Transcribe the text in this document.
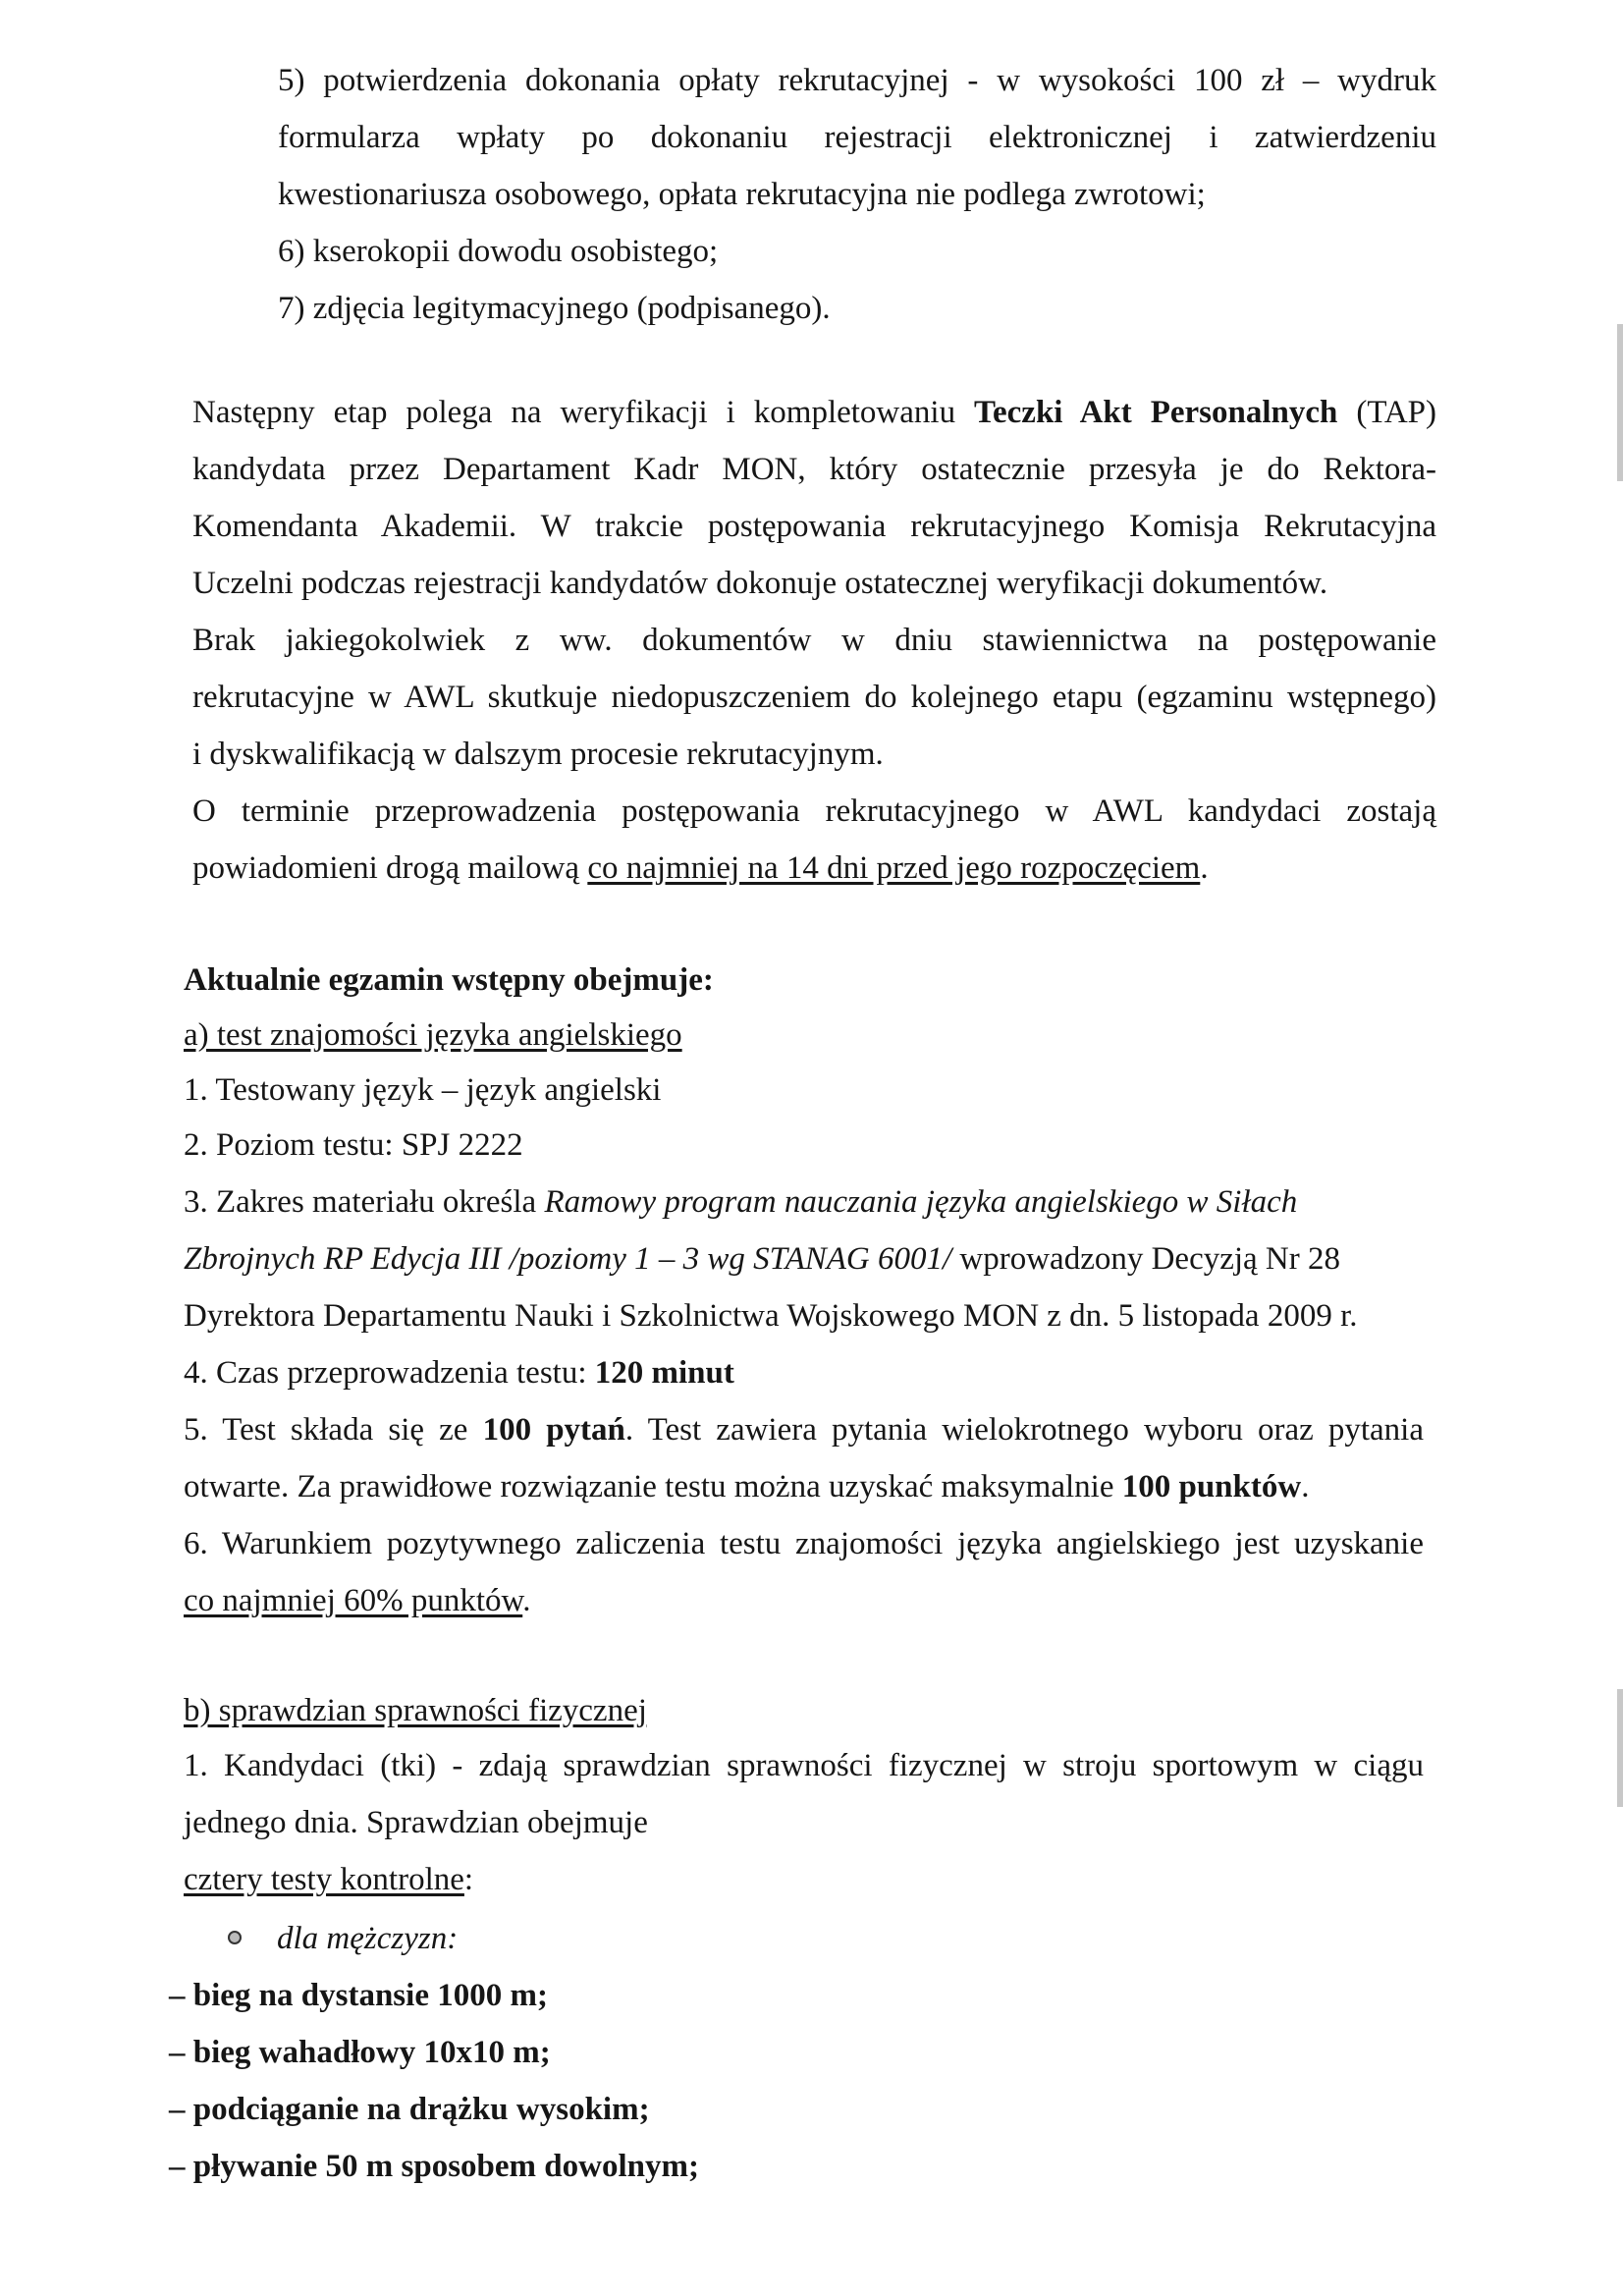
5) potwierdzenia dokonania opłaty rekrutacyjnej - w wysokości 100 zł – wydruk
formularza wpłaty po dokonaniu rejestracji elektronicznej i zatwierdzeniu
kwestionariusza osobowego, opłata rekrutacyjna nie podlega zwrotowi;
6) kserokopii dowodu osobistego;
7) zdjęcia legitymacyjnego (podpisanego).
Następny etap polega na weryfikacji i kompletowaniu Teczki Akt Personalnych (TAP)
kandydata przez Departament Kadr MON, który ostatecznie przesyła je do Rektora-
Komendanta Akademii. W trakcie postępowania rekrutacyjnego Komisja Rekrutacyjna
Uczelni podczas rejestracji kandydatów dokonuje ostatecznej weryfikacji dokumentów.
Brak jakiegokolwiek z ww. dokumentów w dniu stawiennictwa na postępowanie
rekrutacyjne w AWL skutkuje niedopuszczeniem do kolejnego etapu (egzaminu wstępnego)
i dyskwalifikacją w dalszym procesie rekrutacyjnym.
O terminie przeprowadzenia postępowania rekrutacyjnego w AWL kandydaci zostają
powiadomieni drogą mailową co najmniej na 14 dni przed jego rozpoczęciem.
Aktualnie egzamin wstępny obejmuje:
a) test znajomości języka angielskiego
1. Testowany język – język angielski
2. Poziom testu: SPJ 2222
3. Zakres materiału określa Ramowy program nauczania języka angielskiego w Siłach
Zbrojnych RP Edycja III /poziomy 1 – 3 wg STANAG 6001/ wprowadzony Decyzją Nr 28
Dyrektora Departamentu Nauki i Szkolnictwa Wojskowego MON z dn. 5 listopada 2009 r.
4. Czas przeprowadzenia testu: 120 minut
5. Test składa się ze 100 pytań. Test zawiera pytania wielokrotnego wyboru oraz pytania
otwarte. Za prawidłowe rozwiązanie testu można uzyskać maksymalnie 100 punktów.
6. Warunkiem pozytywnego zaliczenia testu znajomości języka angielskiego jest uzyskanie
co najmniej 60% punktów.
b) sprawdzian sprawności fizycznej
1. Kandydaci (tki) - zdają sprawdzian sprawności fizycznej w stroju sportowym w ciągu
jednego dnia. Sprawdzian obejmuje
cztery testy kontrolne:
dla mężczyzn:
– bieg na dystansie 1000 m;
– bieg wahadłowy 10x10 m;
– podciąganie na drążku wysokim;
– pływanie 50 m sposobem dowolnym;
